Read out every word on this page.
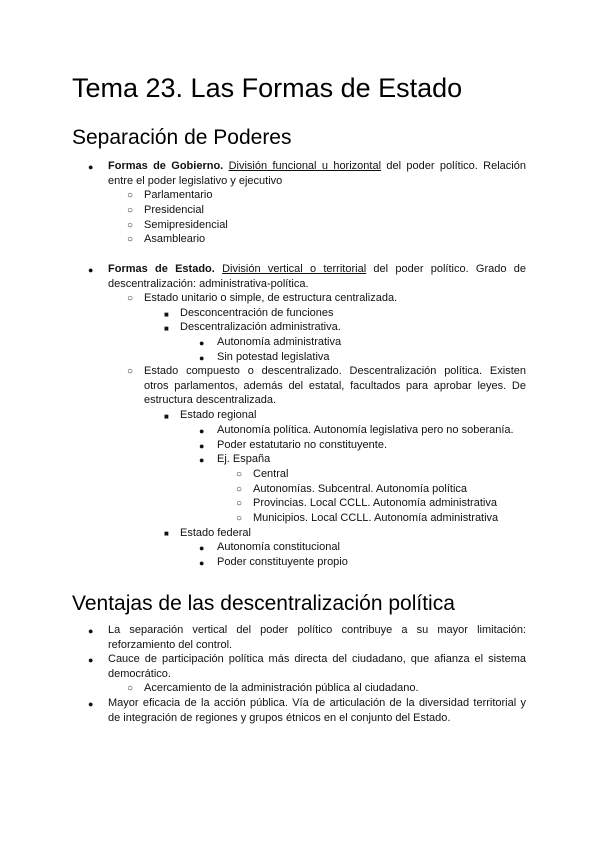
Tema 23. Las Formas de Estado
Separación de Poderes
● Formas de Gobierno. División funcional u horizontal del poder político. Relación
entre el poder legislativo y ejecutivo
○ Parlamentario
○ Presidencial
○ Semipresidencial
○ Asambleario
● Formas de Estado. División vertical o territorial del poder político. Grado de
descentralización: administrativa-política.
○ Estado unitario o simple, de estructura centralizada.
■ Desconcentración de funciones
■ Descentralización administrativa.
● Autonomía administrativa
● Sin potestad legislativa
○ Estado compuesto o descentralizado. Descentralización política. Existen
otros parlamentos, además del estatal, facultados para aprobar leyes. De
estructura descentralizada.
■ Estado regional
● Autonomía política. Autonomía legislativa pero no soberanía.
● Poder estatutario no constituyente.
● Ej. España
○ Central
○ Autonomías. Subcentral. Autonomía política
○ Provincias. Local CCLL. Autonomía administrativa
○ Municipios. Local CCLL. Autonomía administrativa
■ Estado federal
● Autonomía constitucional
● Poder constituyente propio
Ventajas de las descentralización política
● La separación vertical del poder político contribuye a su mayor limitación:
reforzamiento del control.
● Cauce de participación política más directa del ciudadano, que afianza el sistema
democrático.
○ Acercamiento de la administración pública al ciudadano.
● Mayor eficacia de la acción pública. Vía de articulación de la diversidad territorial y
de integración de regiones y grupos étnicos en el conjunto del Estado.
